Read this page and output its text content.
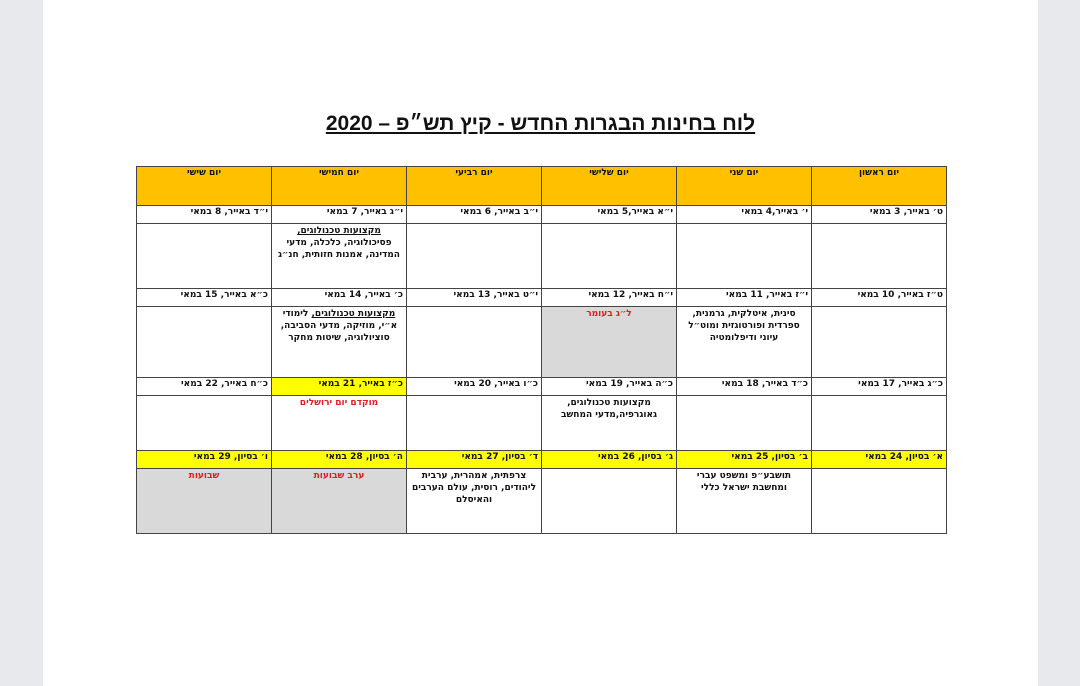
לוח בחינות הבגרות החדש - קיץ תש״פ – 2020
יום ראשון	יום שני	יום שלישי	יום רביעי	יום חמישי	יום שישי
ט׳ באייר, 3 במאי	י׳ באייר,4 במאי	י״א באייר,5 במאי	י״ב באייר, 6 במאי	י״ג באייר, 7 במאי	י״ד באייר, 8 במאי
				מקצועות טכנולוגים, פסיכולוגיה, כלכלה, מדעי המדינה, אמנות חזותית, חנ״ג	
ט״ז באייר, 10 במאי	י״ז באייר, 11 במאי	י״ח באייר, 12 במאי	י״ט באייר, 13 במאי	כ׳ באייר, 14 במאי	כ״א באייר, 15 במאי
	סינית, איטלקית, גרמנית, ספרדית ופורטוגזית ומוט״ל עיוני ודיפלומטיה	ל״ג בעומר		מקצועות טכנולוגים, לימודי א״י, מוזיקה, מדעי הסביבה, סוציולוגיה, שיטות מחקר	
כ״ג באייר, 17 במאי	כ״ד באייר, 18 במאי	כ״ה באייר, 19 במאי	כ״ו באייר, 20 במאי	כ״ז באייר, 21 במאי	כ״ח באייר, 22 במאי
		מקצועות טכנולוגים, גאוגרפיה,מדעי המחשב		מוקדם יום ירושלים	
א׳ בסיון, 24 במאי	ב׳ בסיון, 25 במאי	ג׳ בסיון, 26 במאי	ד׳ בסיון, 27 במאי	ה׳ בסיון, 28 במאי	ו׳ בסיון, 29 במאי
	תושבע״פ ומשפט עברי ומחשבת ישראל כללי		צרפתית, אמהרית, ערבית ליהודים, רוסית, עולם הערבים והאיסלם	ערב שבועות	שבועות
